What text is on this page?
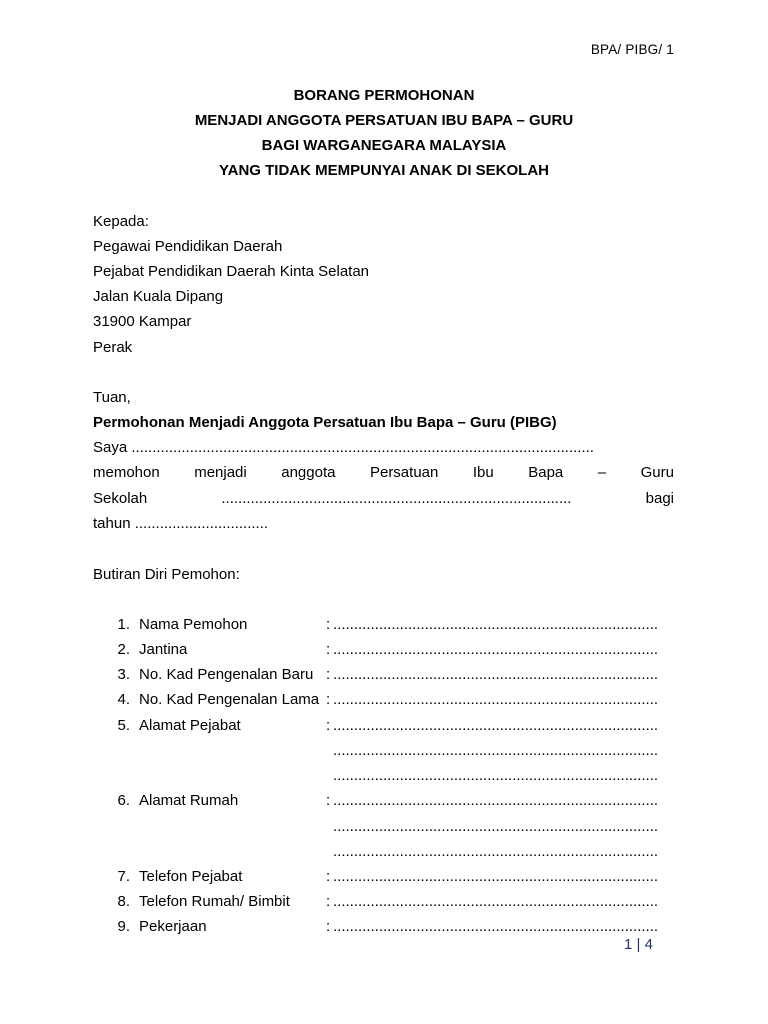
BPA/ PIBG/ 1
BORANG PERMOHONAN
MENJADI ANGGOTA PERSATUAN IBU BAPA – GURU
BAGI WARGANEGARA MALAYSIA
YANG TIDAK MEMPUNYAI ANAK DI SEKOLAH
Kepada:
Pegawai Pendidikan Daerah
Pejabat Pendidikan Daerah Kinta Selatan
Jalan Kuala Dipang
31900 Kampar
Perak
Tuan,
Permohonan Menjadi Anggota Persatuan Ibu Bapa – Guru (PIBG)
Saya ...............................................................................................................
memohon menjadi anggota Persatuan Ibu Bapa – Guru
Sekolah	....................................................................................	bagi
tahun ................................
Butiran Diri Pemohon:
1. Nama Pemohon	: ..............................................................................
2. Jantina	: ..............................................................................
3. No. Kad Pengenalan Baru : ..............................................................................
4. No. Kad Pengenalan Lama : ..............................................................................
5. Alamat Pejabat	: ..............................................................................
..............................................................................
..............................................................................
6. Alamat Rumah	: ..............................................................................
..............................................................................
..............................................................................
7. Telefon Pejabat	: ..............................................................................
8. Telefon Rumah/ Bimbit : ..............................................................................
9. Pekerjaan	: ..............................................................................
1 | 4
